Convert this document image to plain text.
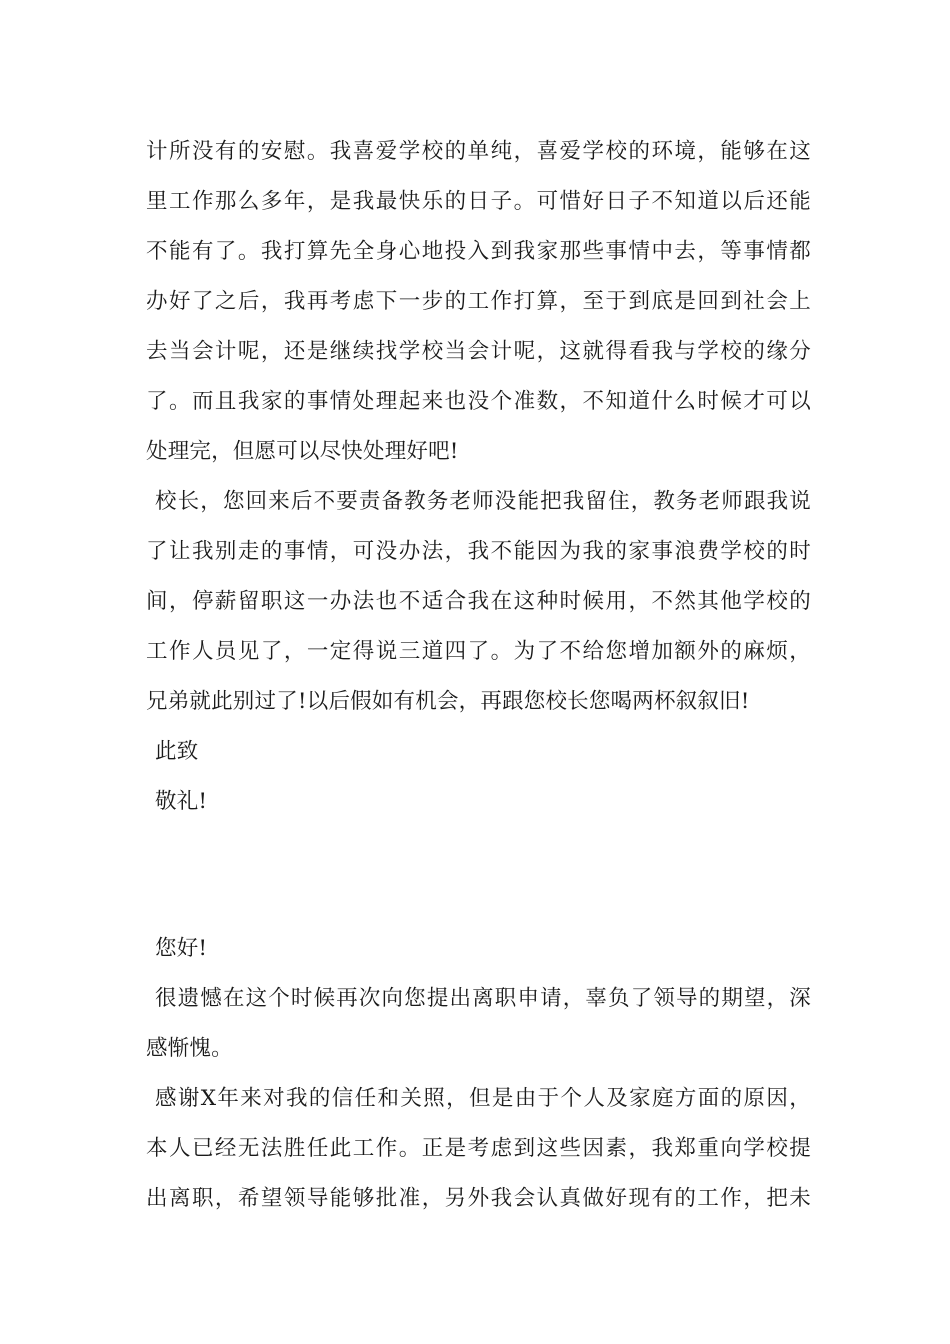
计所没有的安慰。我喜爱学校的单纯，喜爱学校的环境，能够在这
里工作那么多年，是我最快乐的日子。可惜好日子不知道以后还能
不能有了。我打算先全身心地投入到我家那些事情中去，等事情都
办好了之后，我再考虑下一步的工作打算，至于到底是回到社会上
去当会计呢，还是继续找学校当会计呢，这就得看我与学校的缘分
了。而且我家的事情处理起来也没个准数，不知道什么时候才可以
处理完，但愿可以尽快处理好吧!
校长，您回来后不要责备教务老师没能把我留住，教务老师跟我说
了让我别走的事情，可没办法，我不能因为我的家事浪费学校的时
间，停薪留职这一办法也不适合我在这种时候用，不然其他学校的
工作人员见了，一定得说三道四了。为了不给您增加额外的麻烦，
兄弟就此别过了!以后假如有机会，再跟您校长您喝两杯叙叙旧!
此致
敬礼!
您好!
很遗憾在这个时候再次向您提出离职申请，辜负了领导的期望，深
感惭愧。
感谢X年来对我的信任和关照，但是由于个人及家庭方面的原因，
本人已经无法胜任此工作。正是考虑到这些因素，我郑重向学校提
出离职，希望领导能够批准，另外我会认真做好现有的工作，把未
